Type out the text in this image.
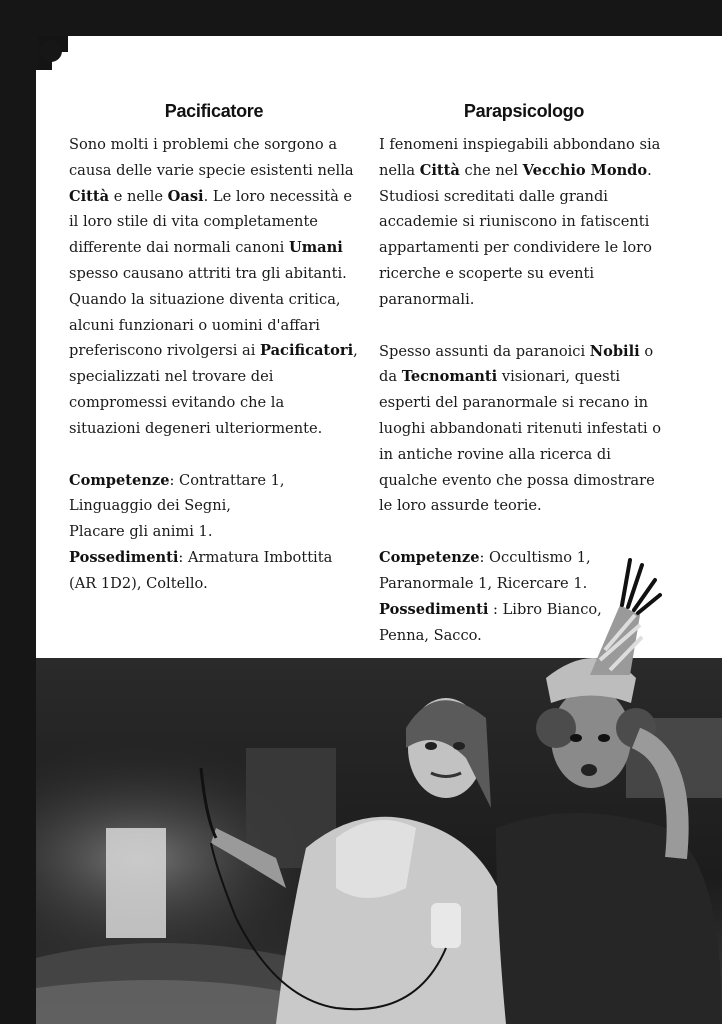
Pacificatore

Sono molti i problemi che sorgono a causa delle varie specie esistenti nella Città e nelle Oasi. Le loro necessità e il loro stile di vita completamente differente dai normali canoni Umani spesso causano attriti tra gli abitanti. Quando la situazione diventa critica, alcuni funzionari o uomini d'affari preferiscono rivolgersi ai Pacificatori, specializzati nel trovare dei compromessi evitando che la situazioni degeneri ulteriormente.

Competenze: Contrattare 1,
Linguaggio dei Segni,
Placare gli animi 1.
Possedimenti: Armatura Imbottita
(AR 1D2), Coltello.

Parapsicologo

I fenomeni inspiegabili abbondano sia nella Città che nel Vecchio Mondo. Studiosi screditati dalle grandi accademie si riuniscono in fatiscenti appartamenti per condividere le loro ricerche e scoperte su eventi paranormali.

Spesso assunti da paranoici Nobili o da Tecnomanti visionari, questi esperti del paranormale si recano in luoghi abbandonati ritenuti infestati o in antiche rovine alla ricerca di qualche evento che possa dimostrare le loro assurde teorie.

Competenze: Occultismo 1,
Paranormale 1, Ricercare 1.
Possedimenti : Libro Bianco,
Penna, Sacco.
